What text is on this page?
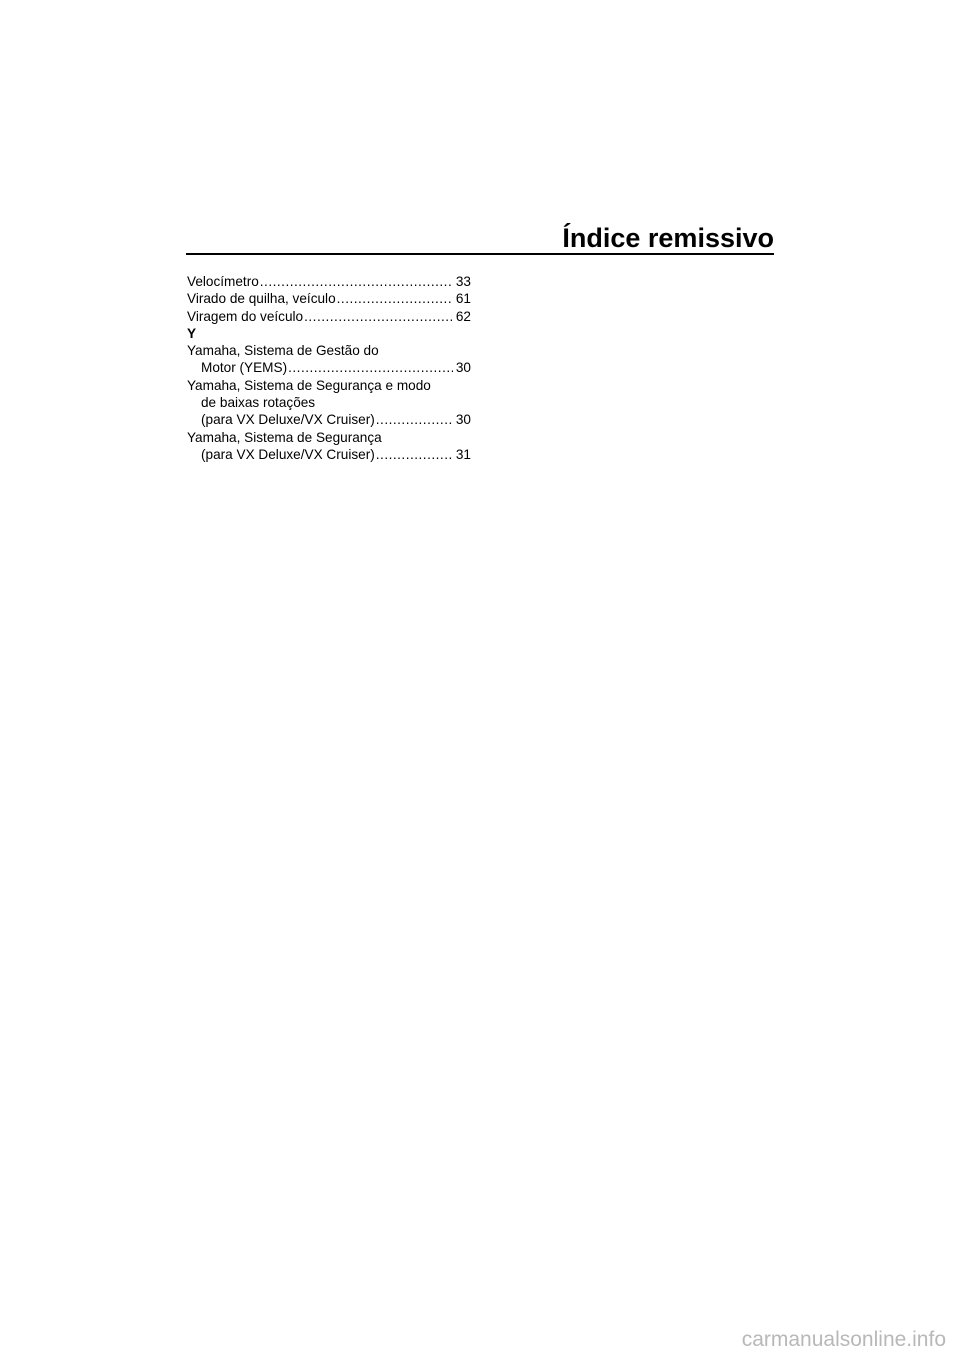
Índice remissivo
Velocímetro .....	33
Virado de quilha, veículo .....	61
Viragem do veículo .....	62
Y
Yamaha, Sistema de Gestão do
Motor (YEMS) .....	30
Yamaha, Sistema de Segurança e modo
de baixas rotações
(para VX Deluxe/VX Cruiser) .....	30
Yamaha, Sistema de Segurança
(para VX Deluxe/VX Cruiser) .....	31
carmanualsonline.info
